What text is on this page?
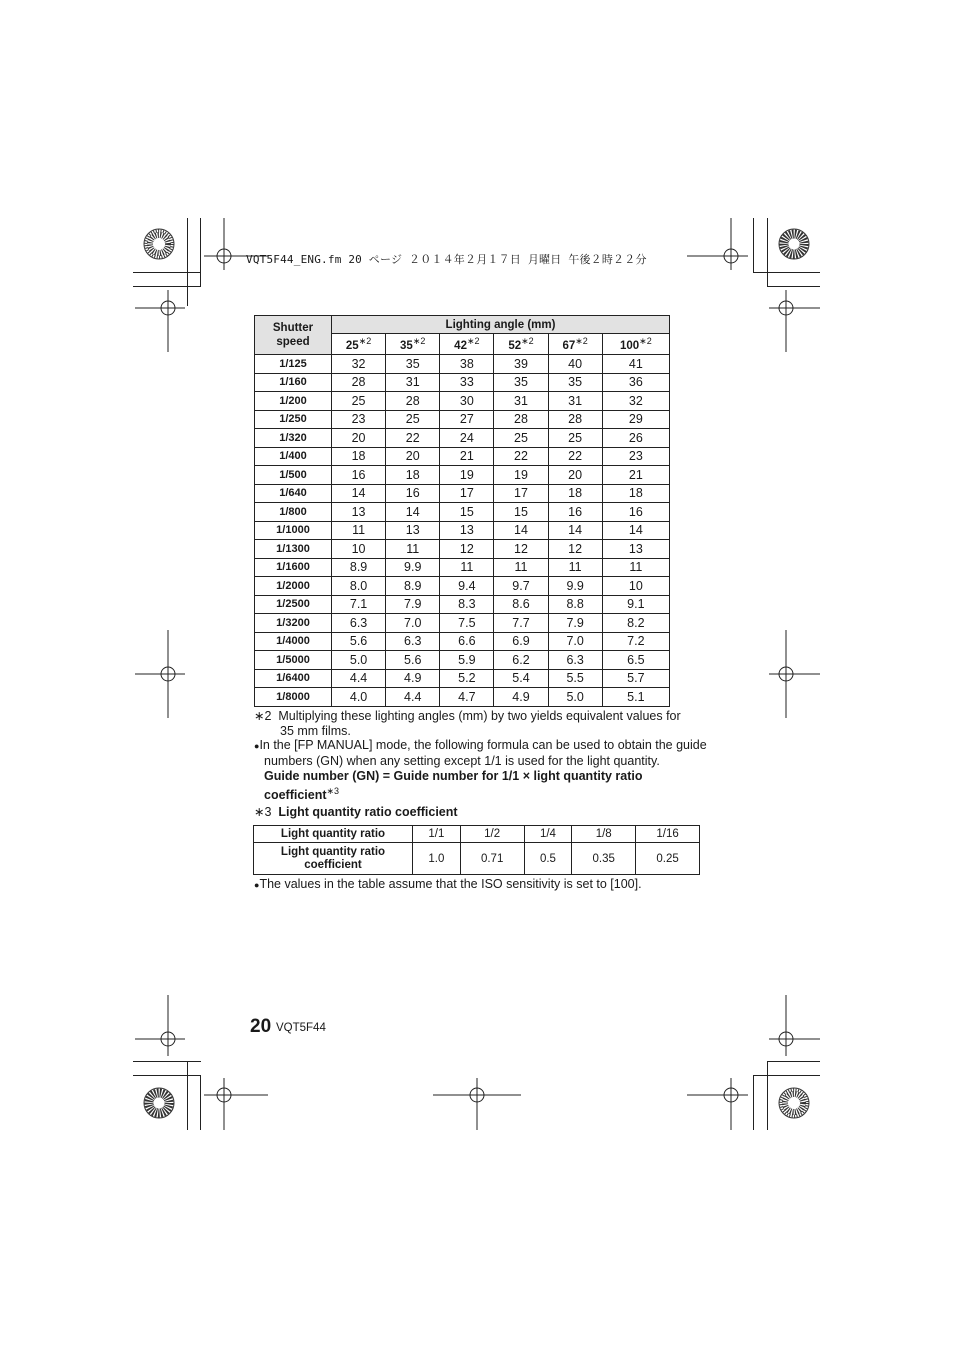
VQT5F44_ENG.fm 20 ページ ２０１４年２月１７日 月曜日 午後２時２２分
Shutter
speed	Lighting angle (mm)					
	$25^{∗2}$	$35^{∗2}$	$42^{∗2}$	$52^{∗2}$	$67^{∗2}$	$100^{∗2}$
1/125	32	35	38	39	40	41
1/160	28	31	33	35	35	36
1/200	25	28	30	31	31	32
1/250	23	25	27	28	28	29
1/320	20	22	24	25	25	26
1/400	18	20	21	22	22	23
1/500	16	18	19	19	20	21
1/640	14	16	17	17	18	18
1/800	13	14	15	15	16	16
1/1000	11	13	13	14	14	14
1/1300	10	11	12	12	12	13
1/1600	8.9	9.9	11	11	11	11
1/2000	8.0	8.9	9.4	9.7	9.9	10
1/2500	7.1	7.9	8.3	8.6	8.8	9.1
1/3200	6.3	7.0	7.5	7.7	7.9	8.2
1/4000	5.6	6.3	6.6	6.9	7.0	7.2
1/5000	5.0	5.6	5.9	6.2	6.3	6.5
1/6400	4.4	4.9	5.2	5.4	5.5	5.7
1/8000	4.0	4.4	4.7	4.9	5.0	5.1
∗2 Multiplying these lighting angles (mm) by two yields equivalent values for
35 mm films.
●In the [FP MANUAL] mode, the following formula can be used to obtain the guide
numbers (GN) when any setting except 1/1 is used for the light quantity.
Guide number (GN) = Guide number for 1/1 × light quantity ratio
coefficient$^{∗3}$
∗3 Light quantity ratio coefficient
Light quantity ratio	1/1	1/2	1/4	1/8	1/16
Light quantity ratio
coefficient	1.0	0.71	0.5	0.35	0.25
●The values in the table assume that the ISO sensitivity is set to [100].
20 VQT5F44
